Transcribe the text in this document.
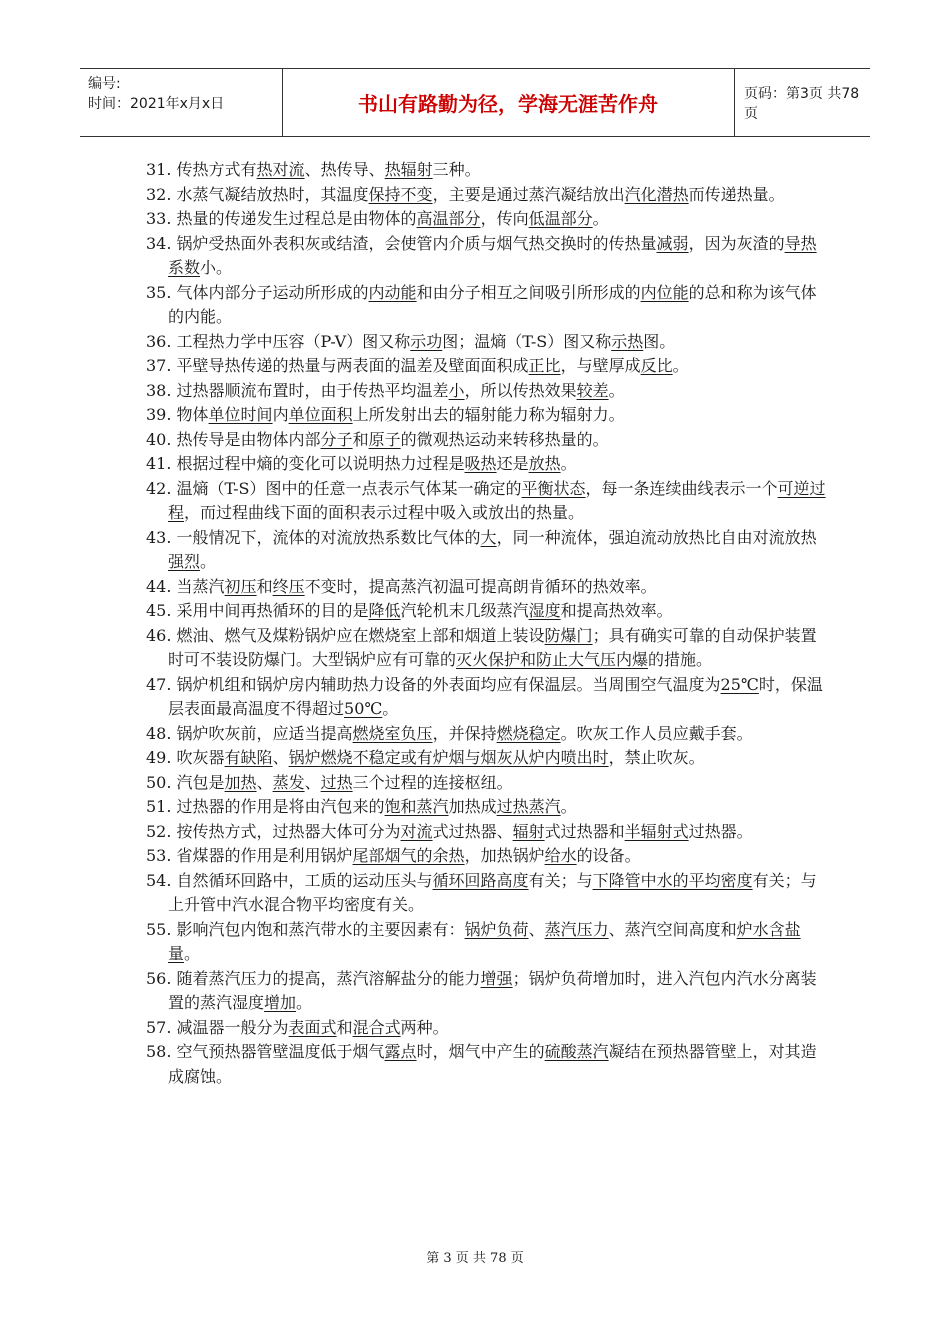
编号:
时间：2021年x月x日	书山有路勤为径，学海无涯苦作舟	页码：第3页 共78页

31. 传热方式有热对流、热传导、热辐射三种。

32. 水蒸气凝结放热时，其温度保持不变，主要是通过蒸汽凝结放出汽化潜热而传递热量。

33. 热量的传递发生过程总是由物体的高温部分，传向低温部分。

34. 锅炉受热面外表积灰或结渣，会使管内介质与烟气热交换时的传热量减弱，因为灰渣的导热系数小。

35. 气体内部分子运动所形成的内动能和由分子相互之间吸引所形成的内位能的总和称为该气体的内能。

36. 工程热力学中压容（P-V）图又称示功图；温熵（T-S）图又称示热图。

37. 平壁导热传递的热量与两表面的温差及壁面面积成正比，与壁厚成反比。

38. 过热器顺流布置时，由于传热平均温差小，所以传热效果较差。

39. 物体单位时间内单位面积上所发射出去的辐射能力称为辐射力。

40. 热传导是由物体内部分子和原子的微观热运动来转移热量的。

41. 根据过程中熵的变化可以说明热力过程是吸热还是放热。

42. 温熵（T-S）图中的任意一点表示气体某一确定的平衡状态，每一条连续曲线表示一个可逆过程，而过程曲线下面的面积表示过程中吸入或放出的热量。

43. 一般情况下，流体的对流放热系数比气体的大，同一种流体，强迫流动放热比自由对流放热强烈。

44. 当蒸汽初压和终压不变时，提高蒸汽初温可提高朗肯循环的热效率。

45. 采用中间再热循环的目的是降低汽轮机末几级蒸汽湿度和提高热效率。

46. 燃油、燃气及煤粉锅炉应在燃烧室上部和烟道上装设防爆门；具有确实可靠的自动保护装置时可不装设防爆门。大型锅炉应有可靠的灭火保护和防止大气压内爆的措施。

47. 锅炉机组和锅炉房内辅助热力设备的外表面均应有保温层。当周围空气温度为25℃时，保温层表面最高温度不得超过50℃。

48. 锅炉吹灰前，应适当提高燃烧室负压，并保持燃烧稳定。吹灰工作人员应戴手套。

49. 吹灰器有缺陷、锅炉燃烧不稳定或有炉烟与烟灰从炉内喷出时，禁止吹灰。

50. 汽包是加热、蒸发、过热三个过程的连接枢纽。

51. 过热器的作用是将由汽包来的饱和蒸汽加热成过热蒸汽。

52. 按传热方式，过热器大体可分为对流式过热器、辐射式过热器和半辐射式过热器。

53. 省煤器的作用是利用锅炉尾部烟气的余热，加热锅炉给水的设备。

54. 自然循环回路中，工质的运动压头与循环回路高度有关；与下降管中水的平均密度有关；与上升管中汽水混合物平均密度有关。

55. 影响汽包内饱和蒸汽带水的主要因素有：锅炉负荷、蒸汽压力、蒸汽空间高度和炉水含盐量。

56. 随着蒸汽压力的提高，蒸汽溶解盐分的能力增强；锅炉负荷增加时，进入汽包内汽水分离装置的蒸汽湿度增加。

57. 减温器一般分为表面式和混合式两种。

58. 空气预热器管壁温度低于烟气露点时，烟气中产生的硫酸蒸汽凝结在预热器管壁上，对其造成腐蚀。

第 3 页 共 78 页
